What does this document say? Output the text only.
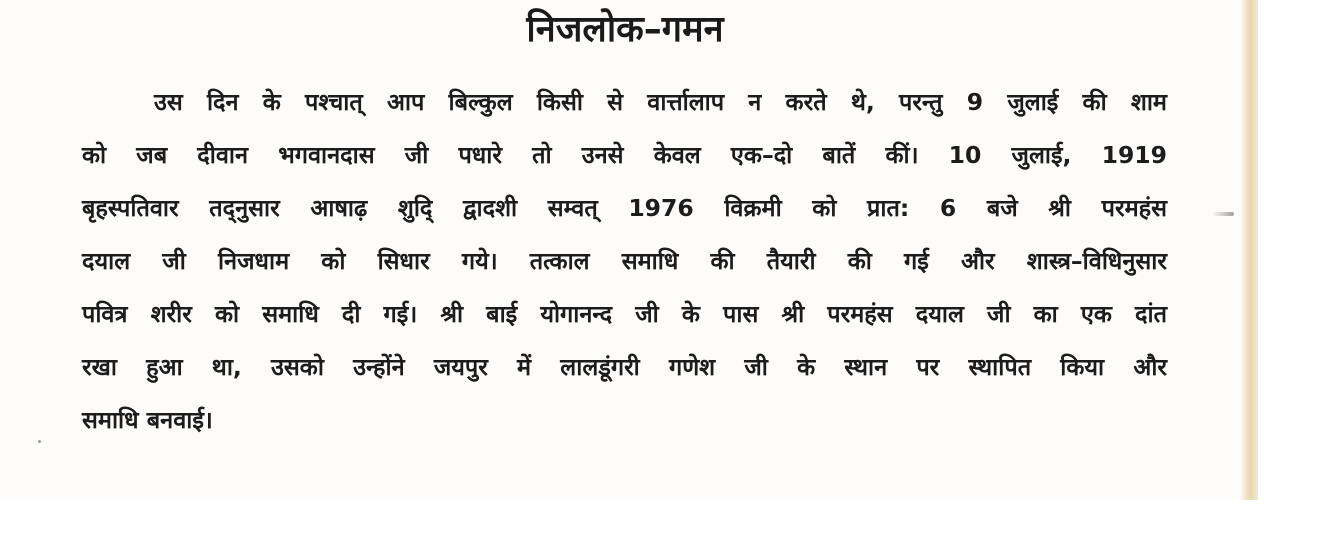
निजलोक–गमन
उस दिन के पश्चात् आप बिल्कुल किसी से वार्त्तालाप न करते थे, परन्तु 9 जुलाई की शाम
को जब दीवान भगवानदास जी पधारे तो उनसे केवल एक–दो बातें कीं। 10 जुलाई, 1919
बृहस्पतिवार तद्नुसार आषाढ़ शुदि् द्वादशी सम्वत् 1976 विक्रमी को प्रात: 6 बजे श्री परमहंस
दयाल जी निजधाम को सिधार गये। तत्काल समाधि की तैयारी की गई और शास्त्र–विधिनुसार
पवित्र शरीर को समाधि दी गई। श्री बाई योगानन्द जी के पास श्री परमहंस दयाल जी का एक दांत
रखा हुआ था, उसको उन्होंने जयपुर में लालडूंगरी गणेश जी के स्थान पर स्थापित किया और
समाधि बनवाई।
